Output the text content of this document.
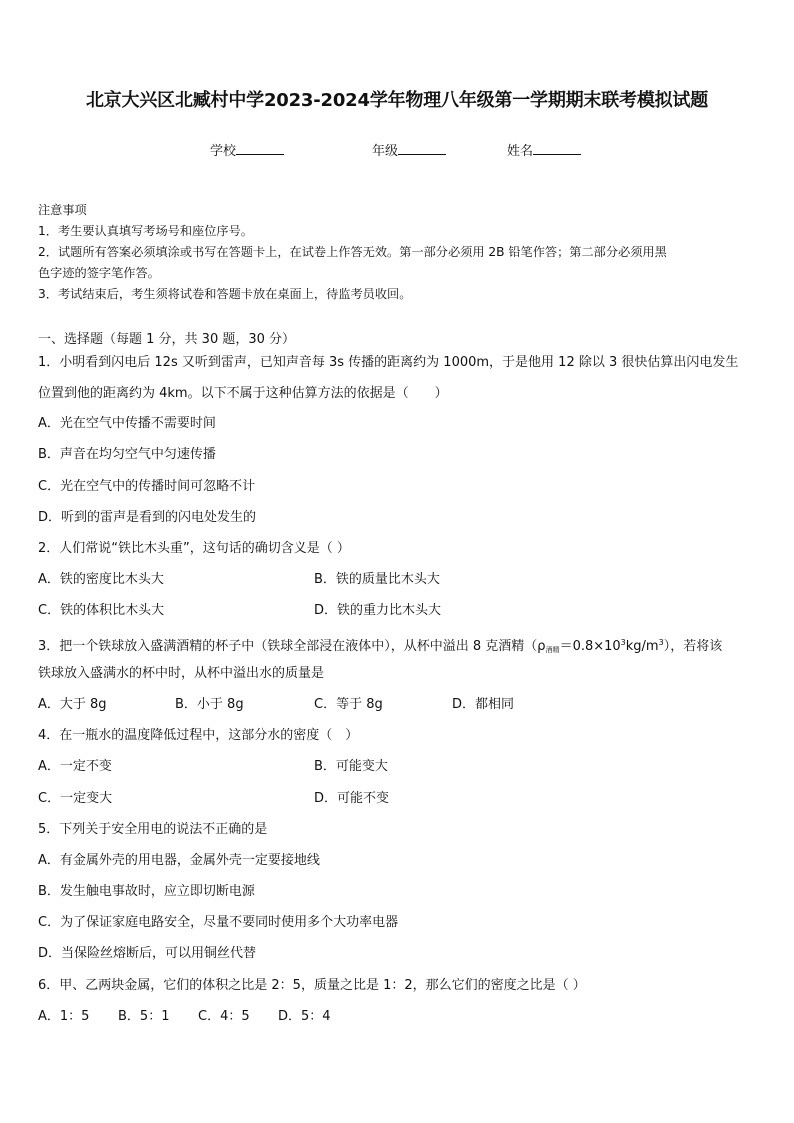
北京大兴区北臧村中学2023-2024学年物理八年级第一学期期末联考模拟试题
学校	年级	姓名
注意事项
1．考生要认真填写考场号和座位序号。
2．试题所有答案必须填涂或书写在答题卡上，在试卷上作答无效。第一部分必须用 2B 铅笔作答；第二部分必须用黑
色字迹的签字笔作答。
3．考试结束后，考生须将试卷和答题卡放在桌面上，待监考员收回。
一、选择题（每题 1 分，共 30 题，30 分）
1．小明看到闪电后 12s 又听到雷声，已知声音每 3s 传播的距离约为 1000m，于是他用 12 除以 3 很快估算出闪电发生
位置到他的距离约为 4km。以下不属于这种估算方法的依据是（　　）
A．光在空气中传播不需要时间
B．声音在均匀空气中匀速传播
C．光在空气中的传播时间可忽略不计
D．听到的雷声是看到的闪电处发生的
2．人们常说“铁比木头重”，这句话的确切含义是（ ）
A．铁的密度比木头大	B．铁的质量比木头大
C．铁的体积比木头大	D．铁的重力比木头大
3．把一个铁球放入盛满酒精的杯子中（铁球全部浸在液体中），从杯中溢出 8 克酒精$(\rho_{酒精}=0.8\times 10^3kg/m^3)$，若将该
铁球放入盛满水的杯中时，从杯中溢出水的质量是
A．大于 8g	B．小于 8g	C．等于 8g	D．都相同
4．在一瓶水的温度降低过程中，这部分水的密度（　）
A．一定不变	B．可能变大
C．一定变大	D．可能不变
5．下列关于安全用电的说法不正确的是
A．有金属外壳的用电器，金属外壳一定要接地线
B．发生触电事故时，应立即切断电源
C．为了保证家庭电路安全，尽量不要同时使用多个大功率电器
D．当保险丝熔断后，可以用铜丝代替
6．甲、乙两块金属，它们的体积之比是 2：5，质量之比是 1：2，那么它们的密度之比是（ ）
A．1：5 B．5：1 C．4：5 D．5：4
